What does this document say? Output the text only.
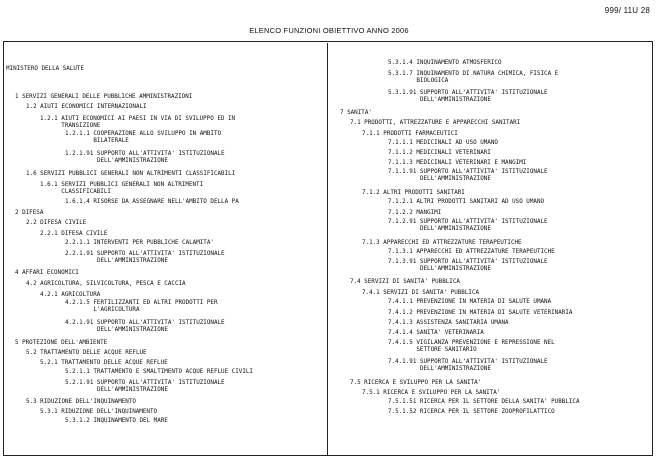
999/ 11U 28
ELENCO FUNZIONI OBIETTIVO ANNO 2006
MINISTERO DELLA SALUTE
1 SERVIZI GENERALI DELLE PUBBLICHE AMMINISTRAZIONI
1.2 AIUTI ECONOMICI INTERNAZIONALI
1.2.1 AIUTI ECONOMICI AI PAESI IN VIA DI SVILUPPO ED IN
TRANSIZIONE
1.2.1.1 COOPERAZIONE ALLO SVILUPPO IN AMBITO
BILATERALE
1.2.1.91 SUPPORTO ALL'ATTIVITA' ISTITUZIONALE
DELL'AMMINISTRAZIONE
1.6 SERVIZI PUBBLICI GENERALI NON ALTRIMENTI CLASSIFICABILI
1.6.1 SERVIZI PUBBLICI GENERALI NON ALTRIMENTI
CLASSIFICABILI
1.6.1.4 RISORSE DA ASSEGNARE NELL'AMBITO DELLA PA
2 DIFESA
2.2 DIFESA CIVILE
2.2.1 DIFESA CIVILE
2.2.1.1 INTERVENTI PER PUBBLICHE CALAMITA'
2.2.1.91 SUPPORTO ALL'ATTIVITA' ISTITUZIONALE
DELL'AMMINISTRAZIONE
4 AFFARI ECONOMICI
4.2 AGRICOLTURA, SILVICOLTURA, PESCA E CACCIA
4.2.1 AGRICOLTURA
4.2.1.5 FERTILIZZANTI ED ALTRI PRODOTTI PER
L'AGRICOLTURA
4.2.1.91 SUPPORTO ALL'ATTIVITA' ISTITUZIONALE
DELL'AMMINISTRAZIONE
5 PROTEZIONE DELL'AMBIENTE
5.2 TRATTAMENTO DELLE ACQUE REFLUE
5.2.1 TRATTAMENTO DELLE ACQUE REFLUE
5.2.1.1 TRATTAMENTO E SMALTIMENTO ACQUE REFLUE CIVILI
5.2.1.91 SUPPORTO ALL'ATTIVITA' ISTITUZIONALE
DELL'AMMINISTRAZIONE
5.3 RIDUZIONE DELL'INQUINAMENTO
5.3.1 RIDUZIONE DELL'INQUINAMENTO
5.3.1.2 INQUINAMENTO DEL MARE
5.3.1.4 INQUINAMENTO ATMOSFERICO
5.3.1.7 INQUINAMENTO DI NATURA CHIMICA, FISICA E
BIOLOGICA
5.3.1.91 SUPPORTO ALL'ATTIVITA' ISTITUZIONALE
DELL'AMMINISTRAZIONE
7 SANITA'
7.1 PRODOTTI, ATTREZZATURE E APPARECCHI SANITARI
7.1.1 PRODOTTI FARMACEUTICI
7.1.1.1 MEDICINALI AD USO UMANO
7.1.1.2 MEDICINALI VETERINARI
7.1.1.3 MEDICINALI VETERINARI E MANGIMI
7.1.1.91 SUPPORTO ALL'ATTIVITA' ISTITUZIONALE
DELL'AMMINISTRAZIONE
7.1.2 ALTRI PRODOTTI SANITARI
7.1.2.1 ALTRI PRODOTTI SANITARI AD USO UMANO
7.1.2.2 MANGIMI
7.1.2.91 SUPPORTO ALL'ATTIVITA' ISTITUZIONALE
DELL'AMMINISTRAZIONE
7.1.3 APPARECCHI ED ATTREZZATURE TERAPEUTICHE
7.1.3.1 APPARECCHI ED ATTREZZATURE TERAPEUTICHE
7.1.3.91 SUPPORTO ALL'ATTIVITA' ISTITUZIONALE
DELL'AMMINISTRAZIONE
7.4 SERVIZI DI SANITA' PUBBLICA
7.4.1 SERVIZI DI SANITA' PUBBLICA
7.4.1.1 PREVENZIONE IN MATERIA DI SALUTE UMANA
7.4.1.2 PREVENZIONE IN MATERIA DI SALUTE VETERINARIA
7.4.1.3 ASSISTENZA SANITARIA UMANA
7.4.1.4 SANITA' VETERINARIA
7.4.1.5 VIGILANZA PREVENZIONE E REPRESSIONE NEL
SETTORE SANITARIO
7.4.1.91 SUPPORTO ALL'ATTIVITA' ISTITUZIONALE
DELL'AMMINISTRAZIONE
7.5 RICERCA E SVILUPPO PER LA SANITA'
7.5.1 RICERCA E SVILUPPO PER LA SANITA'
7.5.1.51 RICERCA PER IL SETTORE DELLA SANITA' PUBBLICA
7.5.1.52 RICERCA PER IL SETTORE ZOOPROFILATTICO
